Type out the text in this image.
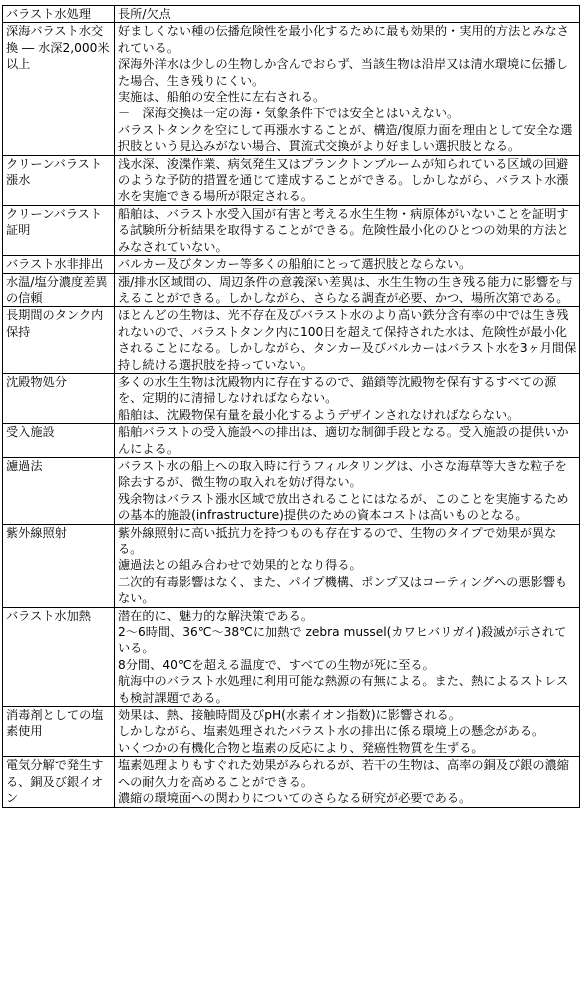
バラスト水処理	長所/欠点
深海バラスト水交換 ― 水深2,000米以上	好ましくない種の伝播危険性を最小化するために最も効果的・実用的方法とみなされている。
深海外洋水は少しの生物しか含んでおらず、当該生物は沿岸又は清水環境に伝播した場合、生き残りにくい。
実施は、船舶の安全性に左右される。
－　深海交換は一定の海・気象条件下では安全とはいえない。
バラストタンクを空にして再漲水することが、構造/復原力面を理由として安全な選択肢という見込みがない場合、貫流式交換がより好ましい選択肢となる。

クリーンバラスト漲水	浅水深、浚渫作業、病気発生又はプランクトンブルームが知られている区域の回避のような予防的措置を通じて達成することができる。しかしながら、バラスト水漲水を実施できる場所が限定される。

クリーンバラスト証明	船舶は、バラスト水受入国が有害と考える水生生物・病原体がいないことを証明する試験所分析結果を取得することができる。危険性最小化のひとつの効果的方法とみなされていない。

バラスト水非排出	バルカー及びタンカー等多くの船舶にとって選択肢とならない。

水温/塩分濃度差異の信頼	漲/排水区域間の、周辺条件の意義深い差異は、水生生物の生き残る能力に影響を与えることができる。しかしながら、さらなる調査が必要、かつ、場所次第である。

長期間のタンク内保持	ほとんどの生物は、光不存在及びバラスト水のより高い鉄分含有率の中では生き残れないので、バラストタンク内に100日を超えて保持された水は、危険性が最小化されることになる。しかしながら、タンカー及びバルカーはバラスト水を3ヶ月間保持し続ける選択肢を持っていない。

沈殿物処分	多くの水生生物は沈殿物内に存在するので、錨鎖等沈殿物を保有するすべての源を、定期的に清掃しなければならない。
船舶は、沈殿物保有量を最小化するようデザインされなければならない。

受入施設	船舶バラストの受入施設への排出は、適切な制御手段となる。受入施設の提供いかんによる。

濾過法	バラスト水の船上への取入時に行うフィルタリングは、小さな海草等大きな粒子を除去するが、微生物の取入れを妨げ得ない。
残余物はバラスト漲水区域で放出されることにはなるが、このことを実施するための基本的施設(infrastructure)提供のための資本コストは高いものとなる。

紫外線照射	紫外線照射に高い抵抗力を持つものも存在するので、生物のタイプで効果が異なる。
濾過法との組み合わせで効果的となり得る。
二次的有毒影響はなく、また、パイプ機構、ポンプ又はコーティングへの悪影響もない。

バラスト水加熱	潜在的に、魅力的な解決策である。
2～6時間、36℃～38℃に加熱で zebra mussel(カワヒバリガイ)殺滅が示されている。
8分間、40℃を超える温度で、すべての生物が死に至る。
航海中のバラスト水処理に利用可能な熱源の有無による。また、熱によるストレスも検討課題である。

消毒剤としての塩素使用	効果は、熱、接触時間及びpH(水素イオン指数)に影響される。
しかしながら、塩素処理されたバラスト水の排出に係る環境上の懸念がある。
いくつかの有機化合物と塩素の反応により、発癌性物質を生ずる。

電気分解で発生する、銅及び銀イオン	塩素処理よりもすぐれた効果がみられるが、若干の生物は、高率の銅及び銀の濃縮への耐久力を高めることができる。
濃縮の環境面への関わりについてのさらなる研究が必要である。
